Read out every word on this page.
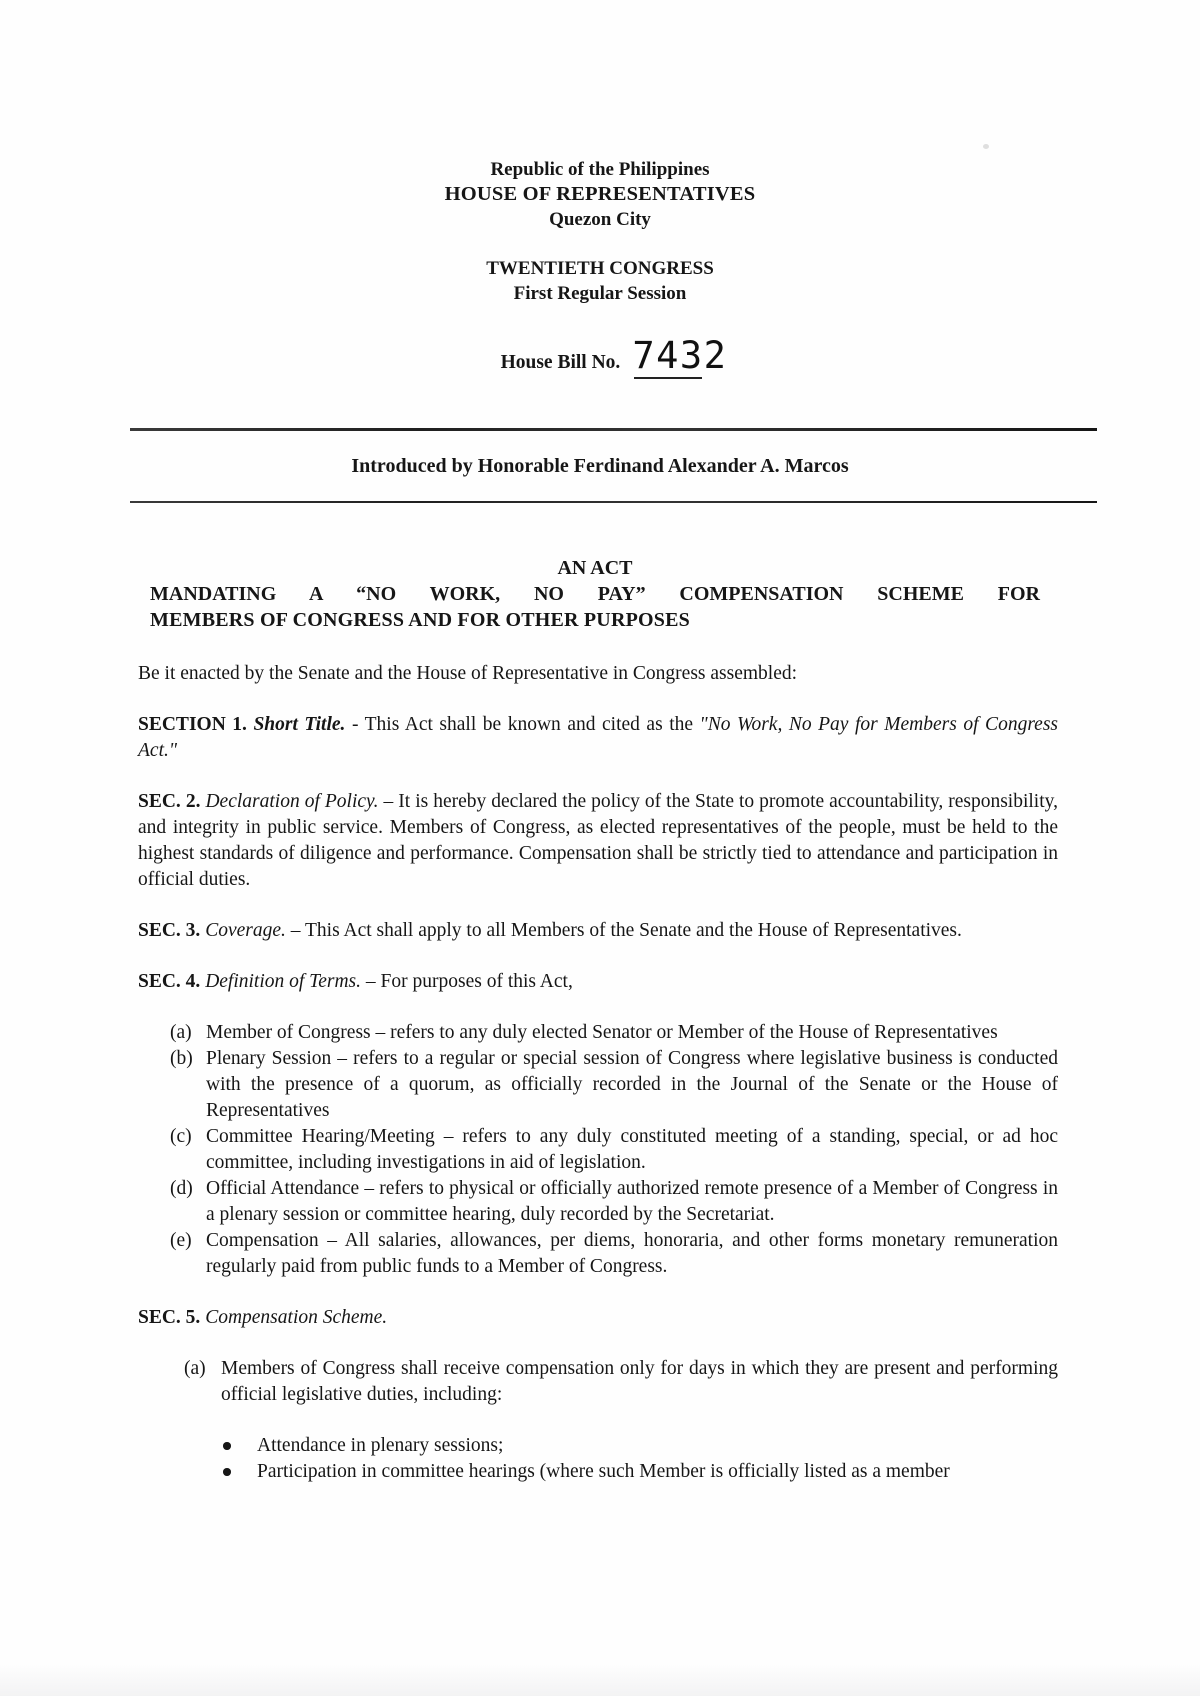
Republic of the Philippines
HOUSE OF REPRESENTATIVES
Quezon City
TWENTIETH CONGRESS
First Regular Session
House Bill No. 7432
Introduced by Honorable Ferdinand Alexander A. Marcos
AN ACT
MANDATING A “NO WORK, NO PAY” COMPENSATION SCHEME FOR
MEMBERS OF CONGRESS AND FOR OTHER PURPOSES

Be it enacted by the Senate and the House of Representative in Congress assembled:

SECTION 1. Short Title. - This Act shall be known and cited as the "No Work, No Pay for Members of Congress Act."

SEC. 2. Declaration of Policy. – It is hereby declared the policy of the State to promote accountability, responsibility, and integrity in public service. Members of Congress, as elected representatives of the people, must be held to the highest standards of diligence and performance. Compensation shall be strictly tied to attendance and participation in official duties.

SEC. 3. Coverage. – This Act shall apply to all Members of the Senate and the House of Representatives.

SEC. 4. Definition of Terms. – For purposes of this Act,

(a) Member of Congress – refers to any duly elected Senator or Member of the House of Representatives
(b) Plenary Session – refers to a regular or special session of Congress where legislative business is conducted with the presence of a quorum, as officially recorded in the Journal of the Senate or the House of Representatives
(c) Committee Hearing/Meeting – refers to any duly constituted meeting of a standing, special, or ad hoc committee, including investigations in aid of legislation.
(d) Official Attendance – refers to physical or officially authorized remote presence of a Member of Congress in a plenary session or committee hearing, duly recorded by the Secretariat.
(e) Compensation – All salaries, allowances, per diems, honoraria, and other forms monetary remuneration regularly paid from public funds to a Member of Congress.

SEC. 5. Compensation Scheme.

(a) Members of Congress shall receive compensation only for days in which they are present and performing official legislative duties, including:
Attendance in plenary sessions;
Participation in committee hearings (where such Member is officially listed as a member
